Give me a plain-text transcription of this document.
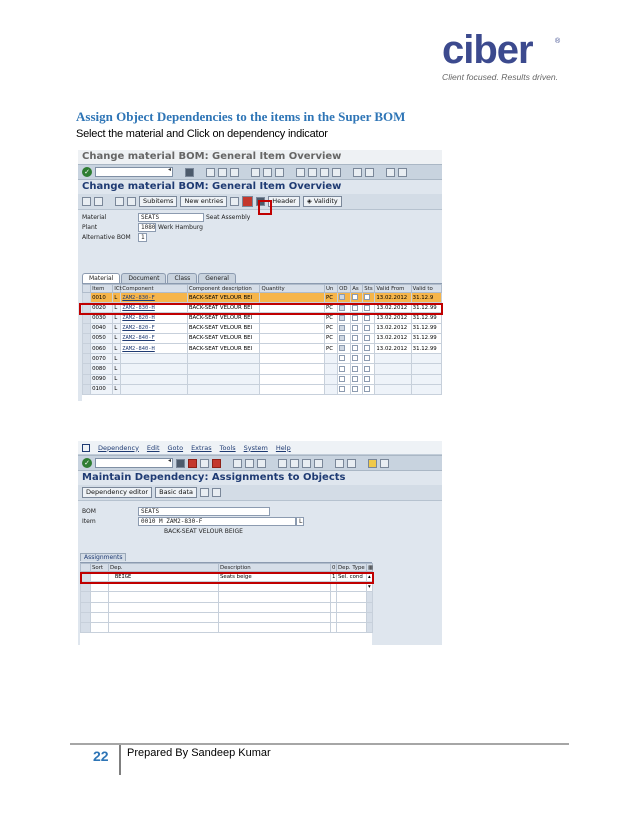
ciber	®
Client focused. Results driven.
Assign Object Dependencies to the items in the Super BOM
Select the material and Click on dependency indicator
Change material BOM: General Item Overview
✓	◂
Change material BOM: General Item Overview
Subitems New entries	Header ◈ Validity
Material	SEATS	Seat Assembly
Plant	1080 Werk Hamburg
Alternative BOM	1
Material	Document	Class	General
	Item	ICt	Component	Component description	Quantity	Un	OD	As	Sts	Valid From	Valid to
	0010	L	ZAM2-830-F	BACK-SEAT VELOUR BEI		PC				13.02.2012	31.12.9
	0020	L	ZAM2-830-H	BACK-SEAT VELOUR BEI		PC				13.02.2012	31.12.99
	0030	L	ZAM2-820-H	BACK-SEAT VELOUR BEI		PC				13.02.2012	31.12.99
	0040	L	ZAM2-820-F	BACK-SEAT VELOUR BEI		PC				13.02.2012	31.12.99
	0050	L	ZAM2-840-F	BACK-SEAT VELOUR BEI		PC				13.02.2012	31.12.99
	0060	L	ZAM2-840-H	BACK-SEAT VELOUR BEI		PC				13.02.2012	31.12.99
	0070	L									
	0080	L									
	0090	L									
	0100	L									
Dependency Edit Goto Extras Tools System Help
✓	◂
Maintain Dependency: Assignments to Objects
Dependency editor	Basic data
BOM	SEATS
Item	0010 M ZAM2-830-F	L
BACK-SEAT VELOUR BEIGE
Assignments
	Sort	Dep.	Description	0	Dep. Type	▦
		BEIGE	Seats beige	1	Sel. cond	▴
						▾

22 Prepared By Sandeep Kumar
